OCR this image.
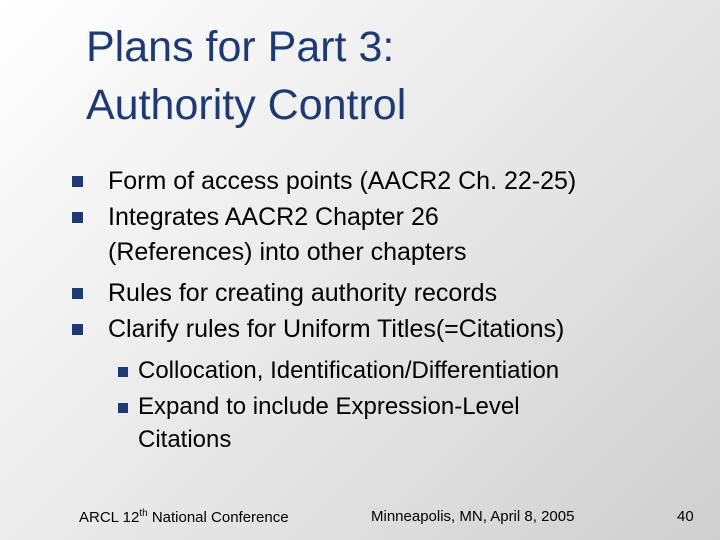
Plans for Part 3:
Authority Control
Form of access points (AACR2 Ch. 22-25)
Integrates AACR2 Chapter 26
(References) into other chapters
Rules for creating authority records
Clarify rules for Uniform Titles(=Citations)
Collocation, Identification/Differentiation
Expand to include Expression-Level
Citations
ARCL 12th National Conference	Minneapolis, MN, April 8, 2005	40
